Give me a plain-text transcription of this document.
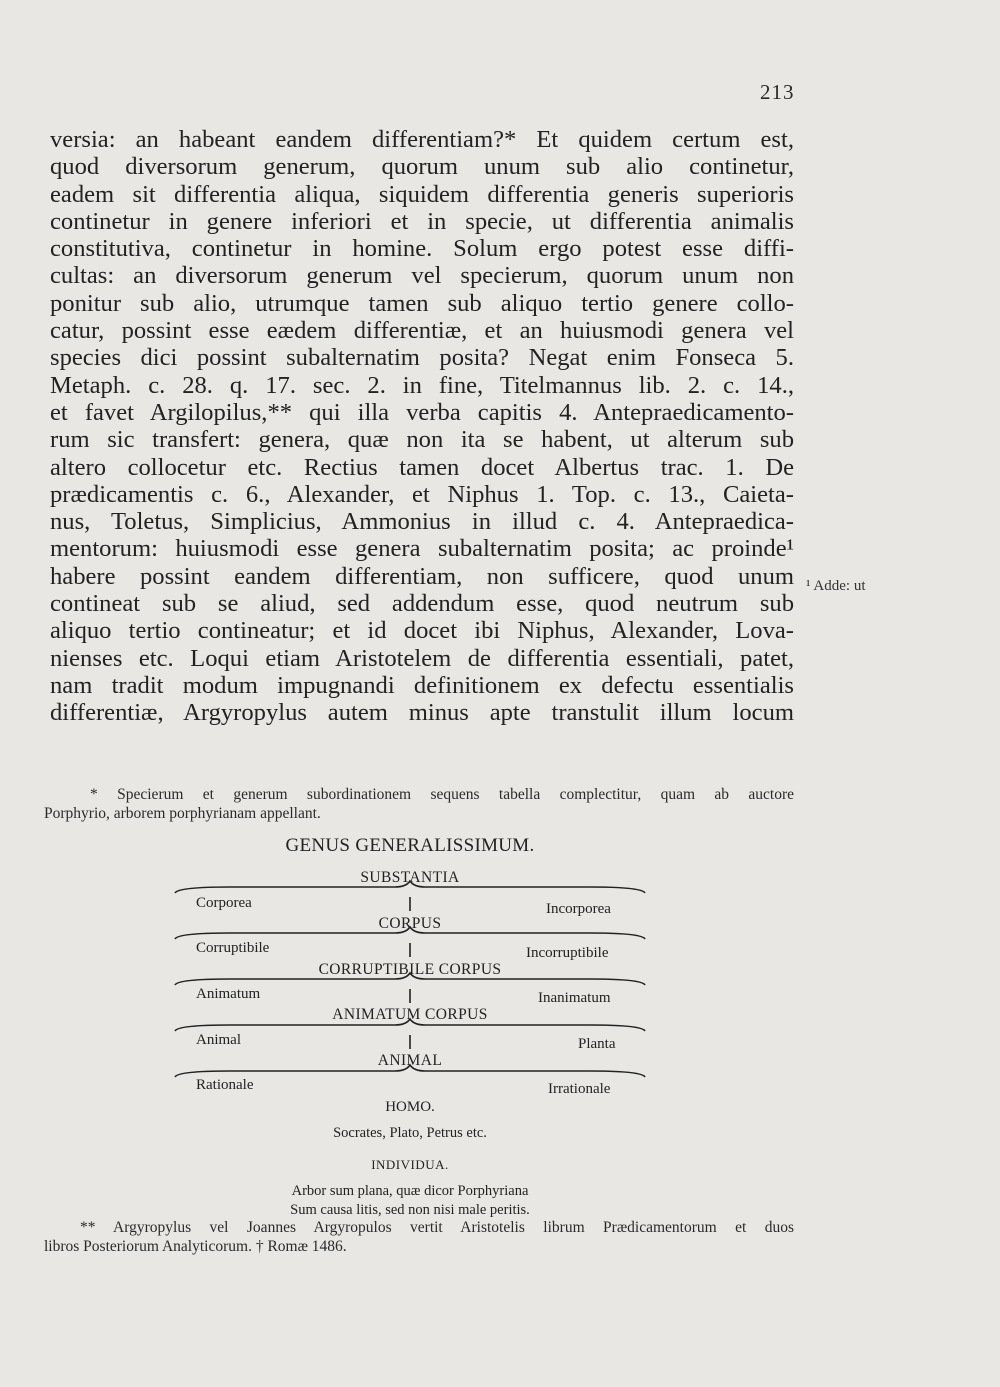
213
versia: an habeant eandem differentiam?* Et quidem certum est,
quod diversorum generum, quorum unum sub alio continetur,
eadem sit differentia aliqua, siquidem differentia generis superioris
continetur in genere inferiori et in specie, ut differentia animalis
constitutiva, continetur in homine. Solum ergo potest esse diffi-
cultas: an diversorum generum vel specierum, quorum unum non
ponitur sub alio, utrumque tamen sub aliquo tertio genere collo-
catur, possint esse eædem differentiæ, et an huiusmodi genera vel
species dici possint subalternatim posita? Negat enim Fonseca 5.
Metaph. c. 28. q. 17. sec. 2. in fine, Titelmannus lib. 2. c. 14.,
et favet Argilopilus,** qui illa verba capitis 4. Antepraedicamento-
rum sic transfert: genera, quæ non ita se habent, ut alterum sub
altero collocetur etc. Rectius tamen docet Albertus trac. 1. De
prædicamentis c. 6., Alexander, et Niphus 1. Top. c. 13., Caieta-
nus, Toletus, Simplicius, Ammonius in illud c. 4. Antepraedica-
mentorum: huiusmodi esse genera subalternatim posita; ac proinde¹
habere possint eandem differentiam, non sufficere, quod unum
contineat sub se aliud, sed addendum esse, quod neutrum sub
aliquo tertio contineatur; et id docet ibi Niphus, Alexander, Lova-
nienses etc. Loqui etiam Aristotelem de differentia essentiali, patet,
nam tradit modum impugnandi definitionem ex defectu essentialis
differentiæ, Argyropylus autem minus apte transtulit illum locum
¹ Adde: ut
* Specierum et generum subordinationem sequens tabella complectitur, quam ab auctore
Porphyrio, arborem porphyrianam appellant.
GENUS GENERALISSIMUM.
SUBSTANTIA
Corporea	Incorporea
CORPUS
Corruptibile	Incorruptibile
CORRUPTIBILE CORPUS
Animatum	Inanimatum
ANIMATUM CORPUS
Animal	Planta
ANIMAL
Rationale	Irrationale
HOMO.
Socrates, Plato, Petrus etc.
INDIVIDUA.
Arbor sum plana, quæ dicor Porphyriana
Sum causa litis, sed non nisi male peritis.
** Argyropylus vel Joannes Argyropulos vertit Aristotelis librum Prædicamentorum et duos
libros Posteriorum Analyticorum. † Romæ 1486.
